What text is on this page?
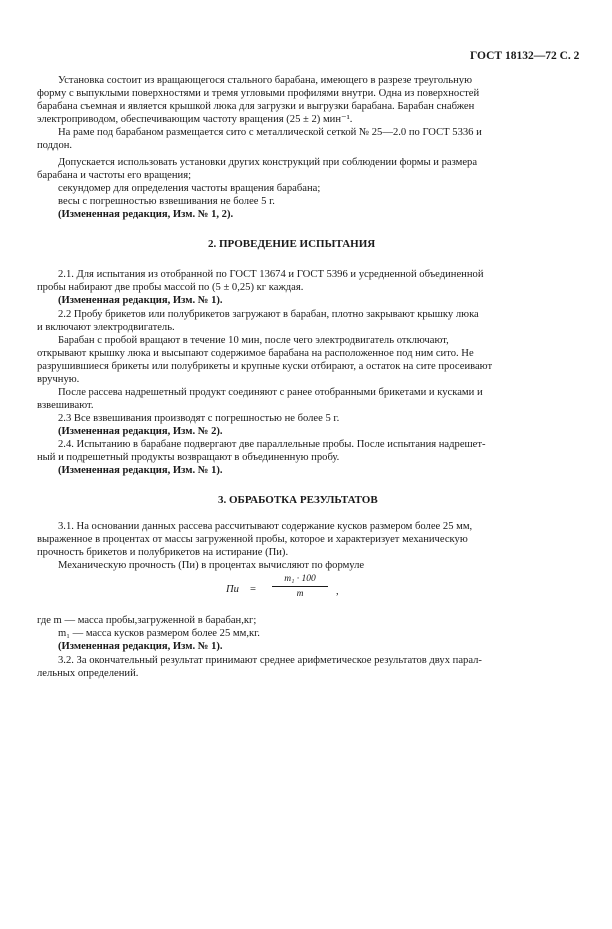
ГОСТ 18132—72 С. 2
Установка состоит из вращающегося стального барабана, имеющего в разрезе треугольную
форму с выпуклыми поверхностями и тремя угловыми профилями внутри. Одна из поверхностей
барабана съемная и является крышкой люка для загрузки и выгрузки барабана. Барабан снабжен
электроприводом, обеспечивающим частоту вращения (25 ± 2) мин⁻¹.
На раме под барабаном размещается сито с металлической сеткой № 25—2.0 по ГОСТ 5336 и
поддон.
Допускается использовать установки других конструкций при соблюдении формы и размера
барабана и частоты его вращения;
секундомер для определения частоты вращения барабана;
весы с погрешностью взвешивания не более 5 г.
(Измененная редакция, Изм. № 1, 2).
2. ПРОВЕДЕНИЕ ИСПЫТАНИЯ
2.1. Для испытания из отобранной по ГОСТ 13674 и ГОСТ 5396 и усредненной объединенной
пробы набирают две пробы массой по (5 ± 0,25) кг каждая.
(Измененная редакция, Изм. № 1).
2.2 Пробу брикетов или полубрикетов загружают в барабан, плотно закрывают крышку люка
и включают электродвигатель.
Барабан с пробой вращают в течение 10 мин, после чего электродвигатель отключают,
открывают крышку люка и высыпают содержимое барабана на расположенное под ним сито. Не
разрушившиеся брикеты или полубрикеты и крупные куски отбирают, а остаток на сите просеивают
вручную.
После рассева надрешетный продукт соединяют с ранее отобранными брикетами и кусками и
взвешивают.
2.3 Все взвешивания производят с погрешностью не более 5 г.
(Измененная редакция, Изм. № 2).
2.4. Испытанию в барабане подвергают две параллельные пробы. После испытания надрешет-
ный и подрешетный продукты возвращают в объединенную пробу.
(Измененная редакция, Изм. № 1).
3. ОБРАБОТКА РЕЗУЛЬТАТОВ
3.1. На основании данных рассева рассчитывают содержание кусков размером более 25 мм,
выраженное в процентах от массы загруженной пробы, которое и характеризует механическую
прочность брикетов и полубрикетов на истирание (Пи).
Механическую прочность (Пи) в процентах вычисляют по формуле
Пи =
m₁ · 100
m	,
где m — масса пробы,загруженной в барабан,кг;
m₁ — масса кусков размером более 25 мм,кг.
(Измененная редакция, Изм. № 1).
3.2. За окончательный результат принимают среднее арифметическое результатов двух парал-
лельных определений.
